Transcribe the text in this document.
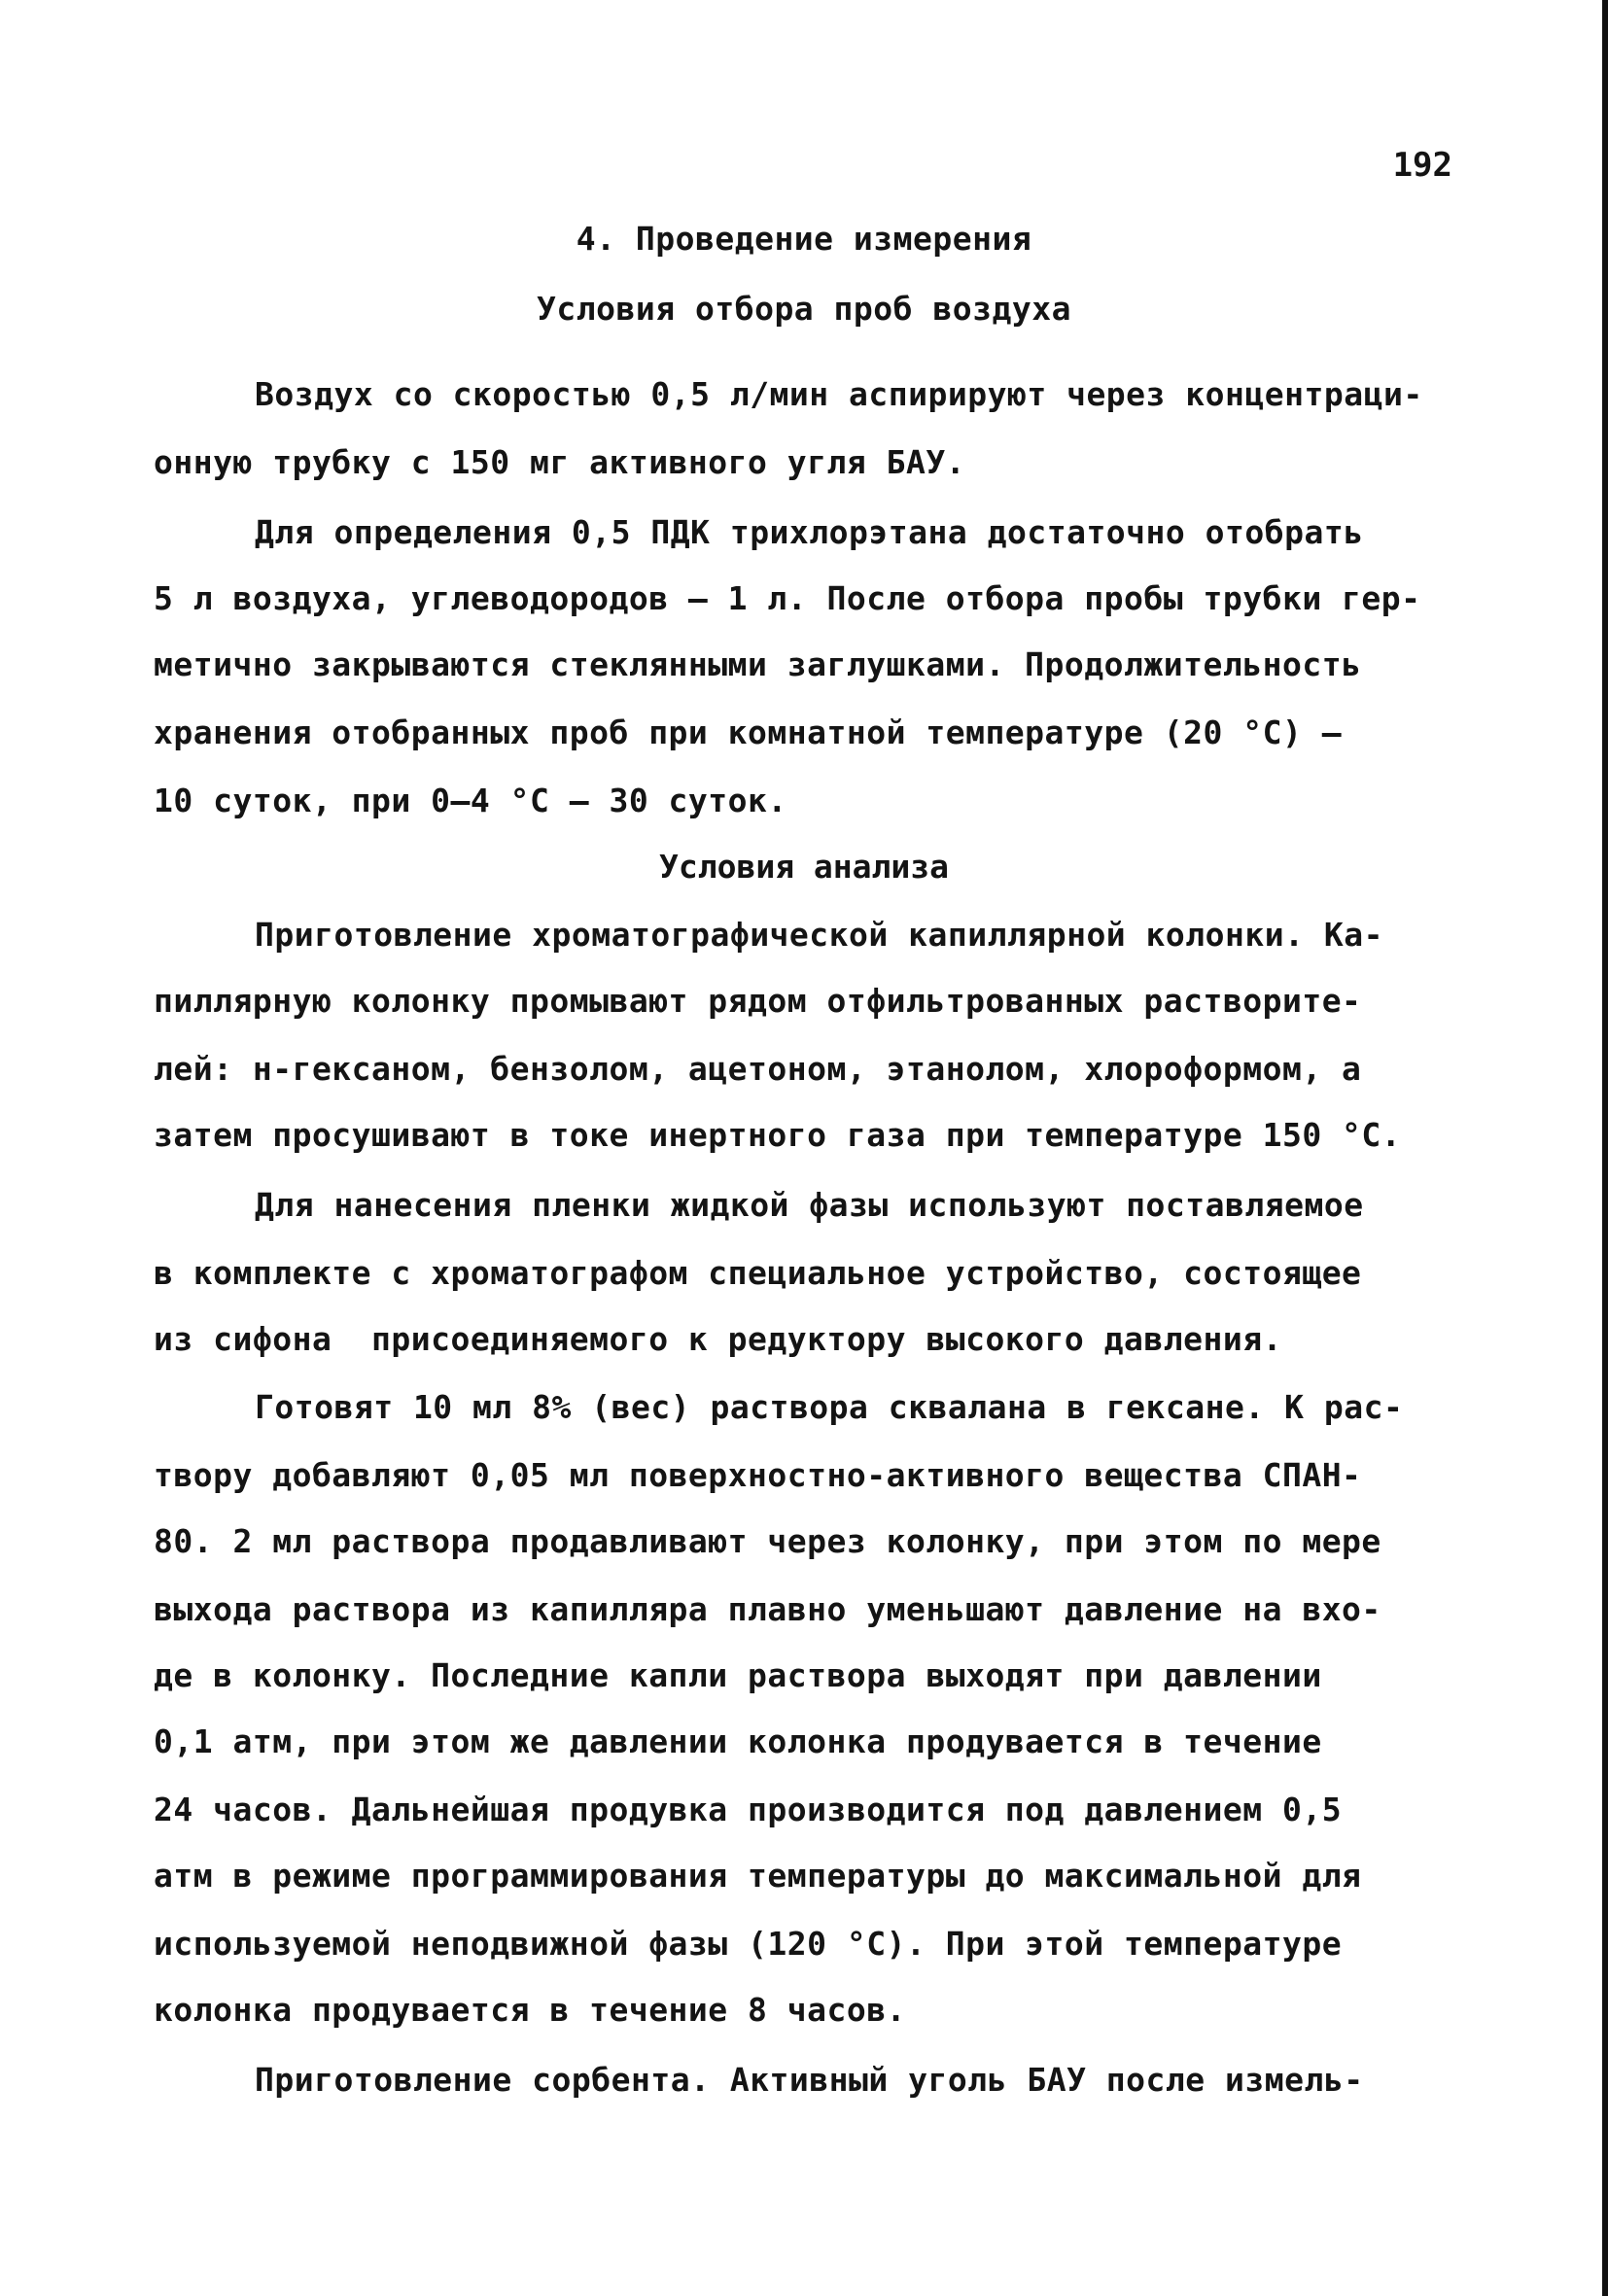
192
4. Проведение измерения
Условия отбора проб воздуха
Воздух со скоростью 0,5 л/мин аспирируют через концентраци-
онную трубку с 150 мг активного угля БАУ.
Для определения 0,5 ПДК трихлорэтана достаточно отобрать
5 л воздуха, углеводородов – 1 л. После отбора пробы трубки гер-
метично закрываются стеклянными заглушками. Продолжительность
хранения отобранных проб при комнатной температуре (20 °С) –
10 суток, при 0–4 °С – 30 суток.
Условия анализа
Приготовление хроматографической капиллярной колонки. Ка-
пиллярную колонку промывают рядом отфильтрованных растворите-
лей: н-гексаном, бензолом, ацетоном, этанолом, хлороформом, а
затем просушивают в токе инертного газа при температуре 150 °С.
Для нанесения пленки жидкой фазы используют поставляемое
в комплекте с хроматографом специальное устройство, состоящее
из сифона  присоединяемого к редуктору высокого давления.
Готовят 10 мл 8% (вес) раствора сквалана в гексане. К рас-
твору добавляют 0,05 мл поверхностно-активного вещества СПАН-
80. 2 мл раствора продавливают через колонку, при этом по мере
выхода раствора из капилляра плавно уменьшают давление на вхо-
де в колонку. Последние капли раствора выходят при давлении
0,1 атм, при этом же давлении колонка продувается в течение
24 часов. Дальнейшая продувка производится под давлением 0,5
атм в режиме программирования температуры до максимальной для
используемой неподвижной фазы (120 °С). При этой температуре
колонка продувается в течение 8 часов.
Приготовление сорбента. Активный уголь БАУ после измель-
